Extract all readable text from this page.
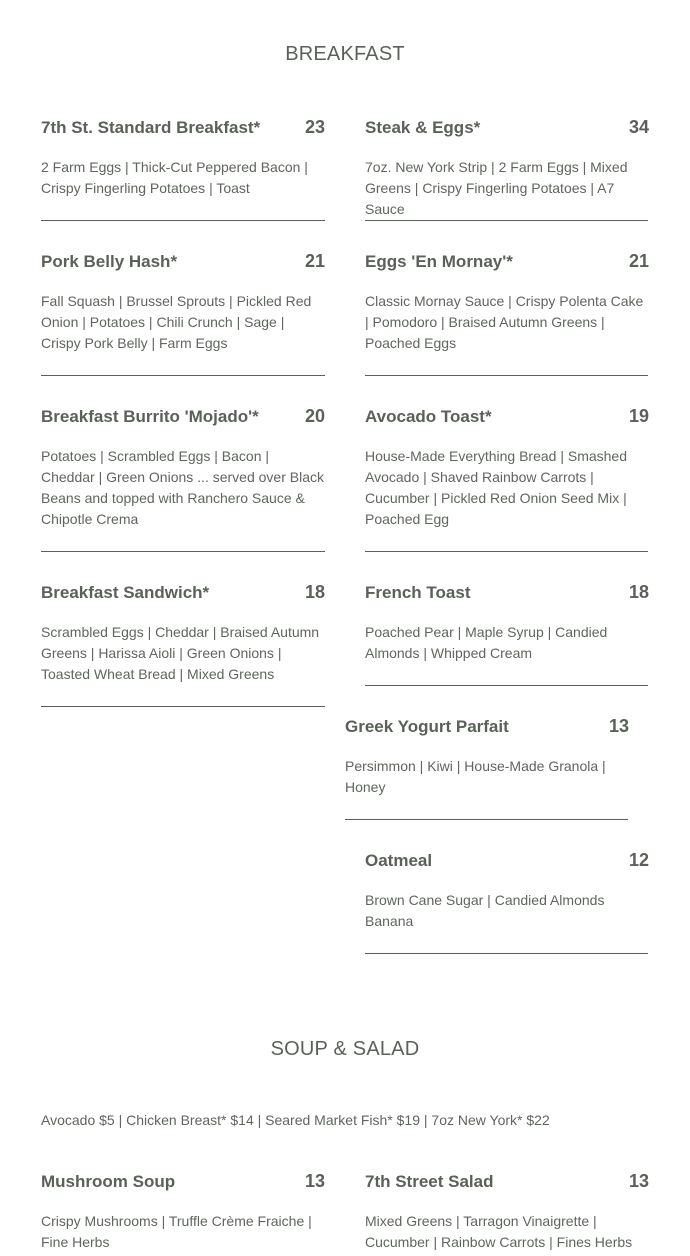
BREAKFAST
7th St. Standard Breakfast* 23
2 Farm Eggs | Thick-Cut Peppered Bacon | Crispy Fingerling Potatoes | Toast
Steak & Eggs*	34
7oz. New York Strip | 2 Farm Eggs | Mixed Greens | Crispy Fingerling Potatoes | A7 Sauce
Pork Belly Hash*	21
Fall Squash | Brussel Sprouts | Pickled Red Onion | Potatoes | Chili Crunch | Sage | Crispy Pork Belly | Farm Eggs
Eggs 'En Mornay'*	21
Classic Mornay Sauce | Crispy Polenta Cake | Pomodoro | Braised Autumn Greens | Poached Eggs
Breakfast Burrito 'Mojado'*	20
Potatoes | Scrambled Eggs | Bacon | Cheddar | Green Onions ... served over Black Beans and topped with Ranchero Sauce & Chipotle Crema
Avocado Toast*	19
House-Made Everything Bread | Smashed Avocado | Shaved Rainbow Carrots | Cucumber | Pickled Red Onion Seed Mix | Poached Egg
Breakfast Sandwich*	18
Scrambled Eggs | Cheddar | Braised Autumn Greens | Harissa Aioli | Green Onions | Toasted Wheat Bread | Mixed Greens
French Toast	18
Poached Pear | Maple Syrup | Candied Almonds | Whipped Cream
Greek Yogurt Parfait	13
Persimmon | Kiwi | House-Made Granola | Honey
Oatmeal	12
Brown Cane Sugar | Candied Almonds Banana
SOUP & SALAD
Avocado $5 | Chicken Breast* $14 | Seared Market Fish* $19 | 7oz New York* $22
Mushroom Soup	13
Crispy Mushrooms | Truffle Crème Fraiche | Fine Herbs
7th Street Salad	13
Mixed Greens | Tarragon Vinaigrette | Cucumber | Rainbow Carrots | Fines Herbs
